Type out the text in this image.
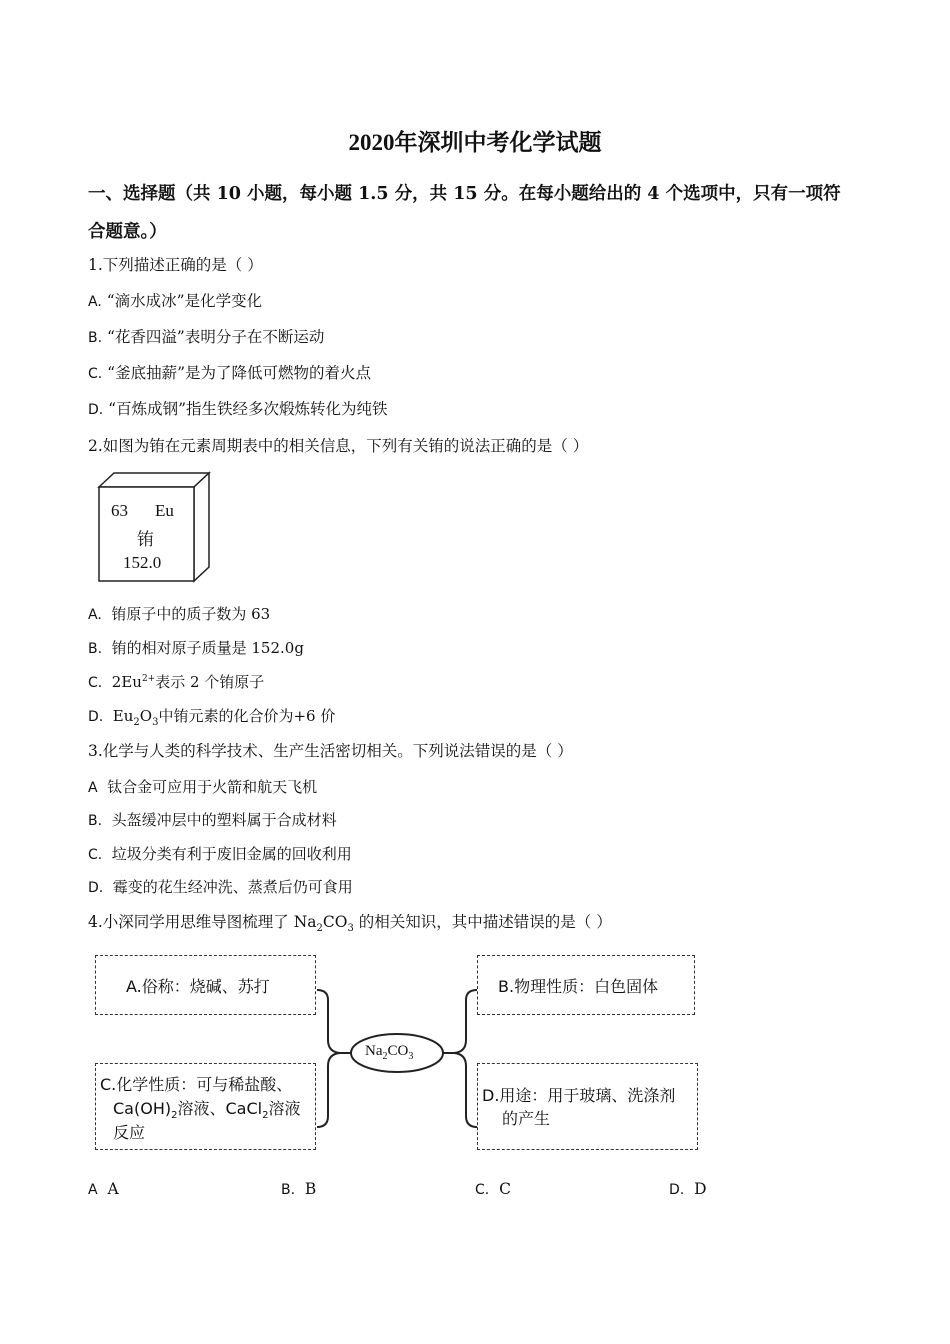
2020年深圳中考化学试题
一、选择题（共 10 小题，每小题 1.5 分，共 15 分。在每小题给出的 4 个选项中，只有一项符
合题意。）
1.下列描述正确的是（ ）
A. “滴水成冰”是化学变化
B. “花香四溢”表明分子在不断运动
C. “釜底抽薪”是为了降低可燃物的着火点
D. “百炼成钢”指生铁经多次煅炼转化为纯铁
2.如图为铕在元素周期表中的相关信息，下列有关铕的说法正确的是（ ）
63 Eu
铕
152.0
A. 铕原子中的质子数为 63
B. 铕的相对原子质量是 152.0g
C. $2Eu^{2+}$表示 2 个铕原子
D. $Eu_2O_3$中铕元素的化合价为+6 价
3.化学与人类的科学技术、生产生活密切相关。下列说法错误的是（ ）
A 钛合金可应用于火箭和航天飞机
B. 头盔缓冲层中的塑料属于合成材料
C. 垃圾分类有利于废旧金属的回收利用
D. 霉变的花生经冲洗、蒸煮后仍可食用
4.小深同学用思维导图梳理了 $Na_2CO_3$ 的相关知识，其中描述错误的是（ ）
$Na_2CO_3$
A.俗称：烧碱、苏打	B.物理性质：白色固体
C.化学性质：可与稀盐酸、
$Ca(OH)_2$溶液、CaCl$_2$溶液
反应
D.用途：用于玻璃、洗涤剂
的产生
A A	B. B	C. C	D. D
